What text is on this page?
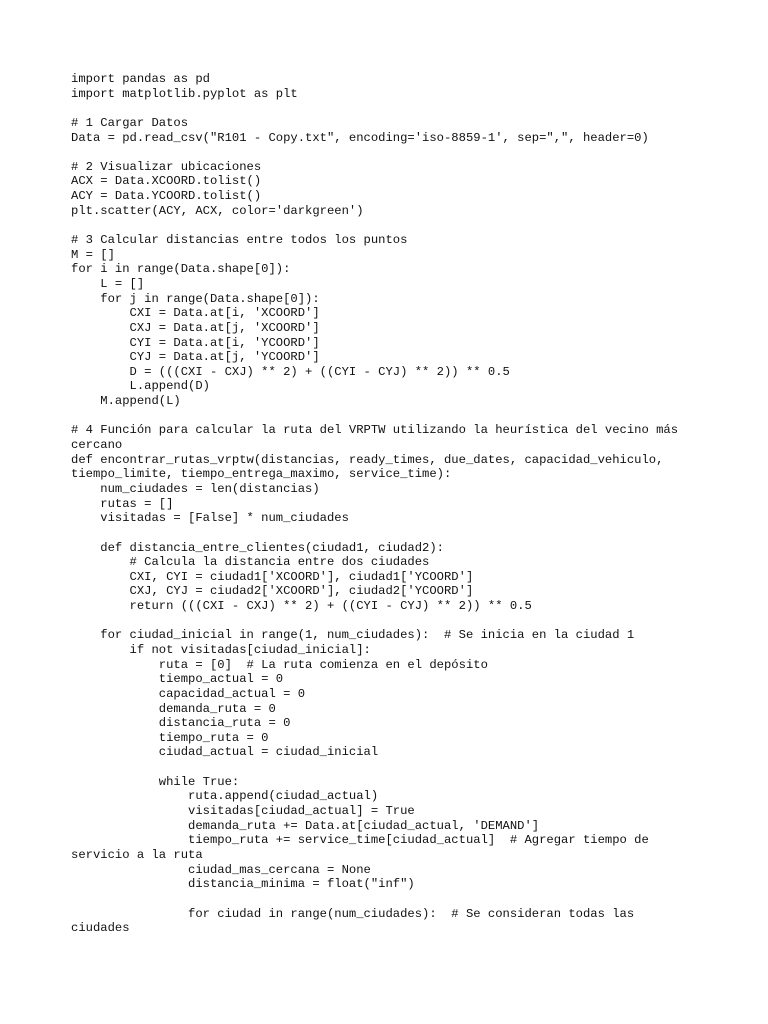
import pandas as pd
import matplotlib.pyplot as plt

# 1 Cargar Datos
Data = pd.read_csv("R101 - Copy.txt", encoding='iso-8859-1', sep=",", header=0)

# 2 Visualizar ubicaciones
ACX = Data.XCOORD.tolist()
ACY = Data.YCOORD.tolist()
plt.scatter(ACY, ACX, color='darkgreen')

# 3 Calcular distancias entre todos los puntos
M = []
for i in range(Data.shape[0]):
L = []
for j in range(Data.shape[0]):
CXI = Data.at[i, 'XCOORD']
CXJ = Data.at[j, 'XCOORD']
CYI = Data.at[i, 'YCOORD']
CYJ = Data.at[j, 'YCOORD']
D = (((CXI - CXJ) ** 2) + ((CYI - CYJ) ** 2)) ** 0.5
L.append(D)
M.append(L)

# 4 Función para calcular la ruta del VRPTW utilizando la heurística del vecino más
cercano
def encontrar_rutas_vrptw(distancias, ready_times, due_dates, capacidad_vehiculo,
tiempo_limite, tiempo_entrega_maximo, service_time):
num_ciudades = len(distancias)
rutas = []
visitadas = [False] * num_ciudades

def distancia_entre_clientes(ciudad1, ciudad2):
# Calcula la distancia entre dos ciudades
CXI, CYI = ciudad1['XCOORD'], ciudad1['YCOORD']
CXJ, CYJ = ciudad2['XCOORD'], ciudad2['YCOORD']
return (((CXI - CXJ) ** 2) + ((CYI - CYJ) ** 2)) ** 0.5

for ciudad_inicial in range(1, num_ciudades):  # Se inicia en la ciudad 1
if not visitadas[ciudad_inicial]:
ruta = [0]  # La ruta comienza en el depósito
tiempo_actual = 0
capacidad_actual = 0
demanda_ruta = 0
distancia_ruta = 0
tiempo_ruta = 0
ciudad_actual = ciudad_inicial

while True:
ruta.append(ciudad_actual)
visitadas[ciudad_actual] = True
demanda_ruta += Data.at[ciudad_actual, 'DEMAND']
tiempo_ruta += service_time[ciudad_actual]  # Agregar tiempo de
servicio a la ruta
ciudad_mas_cercana = None
distancia_minima = float("inf")

for ciudad in range(num_ciudades):  # Se consideran todas las
ciudades
